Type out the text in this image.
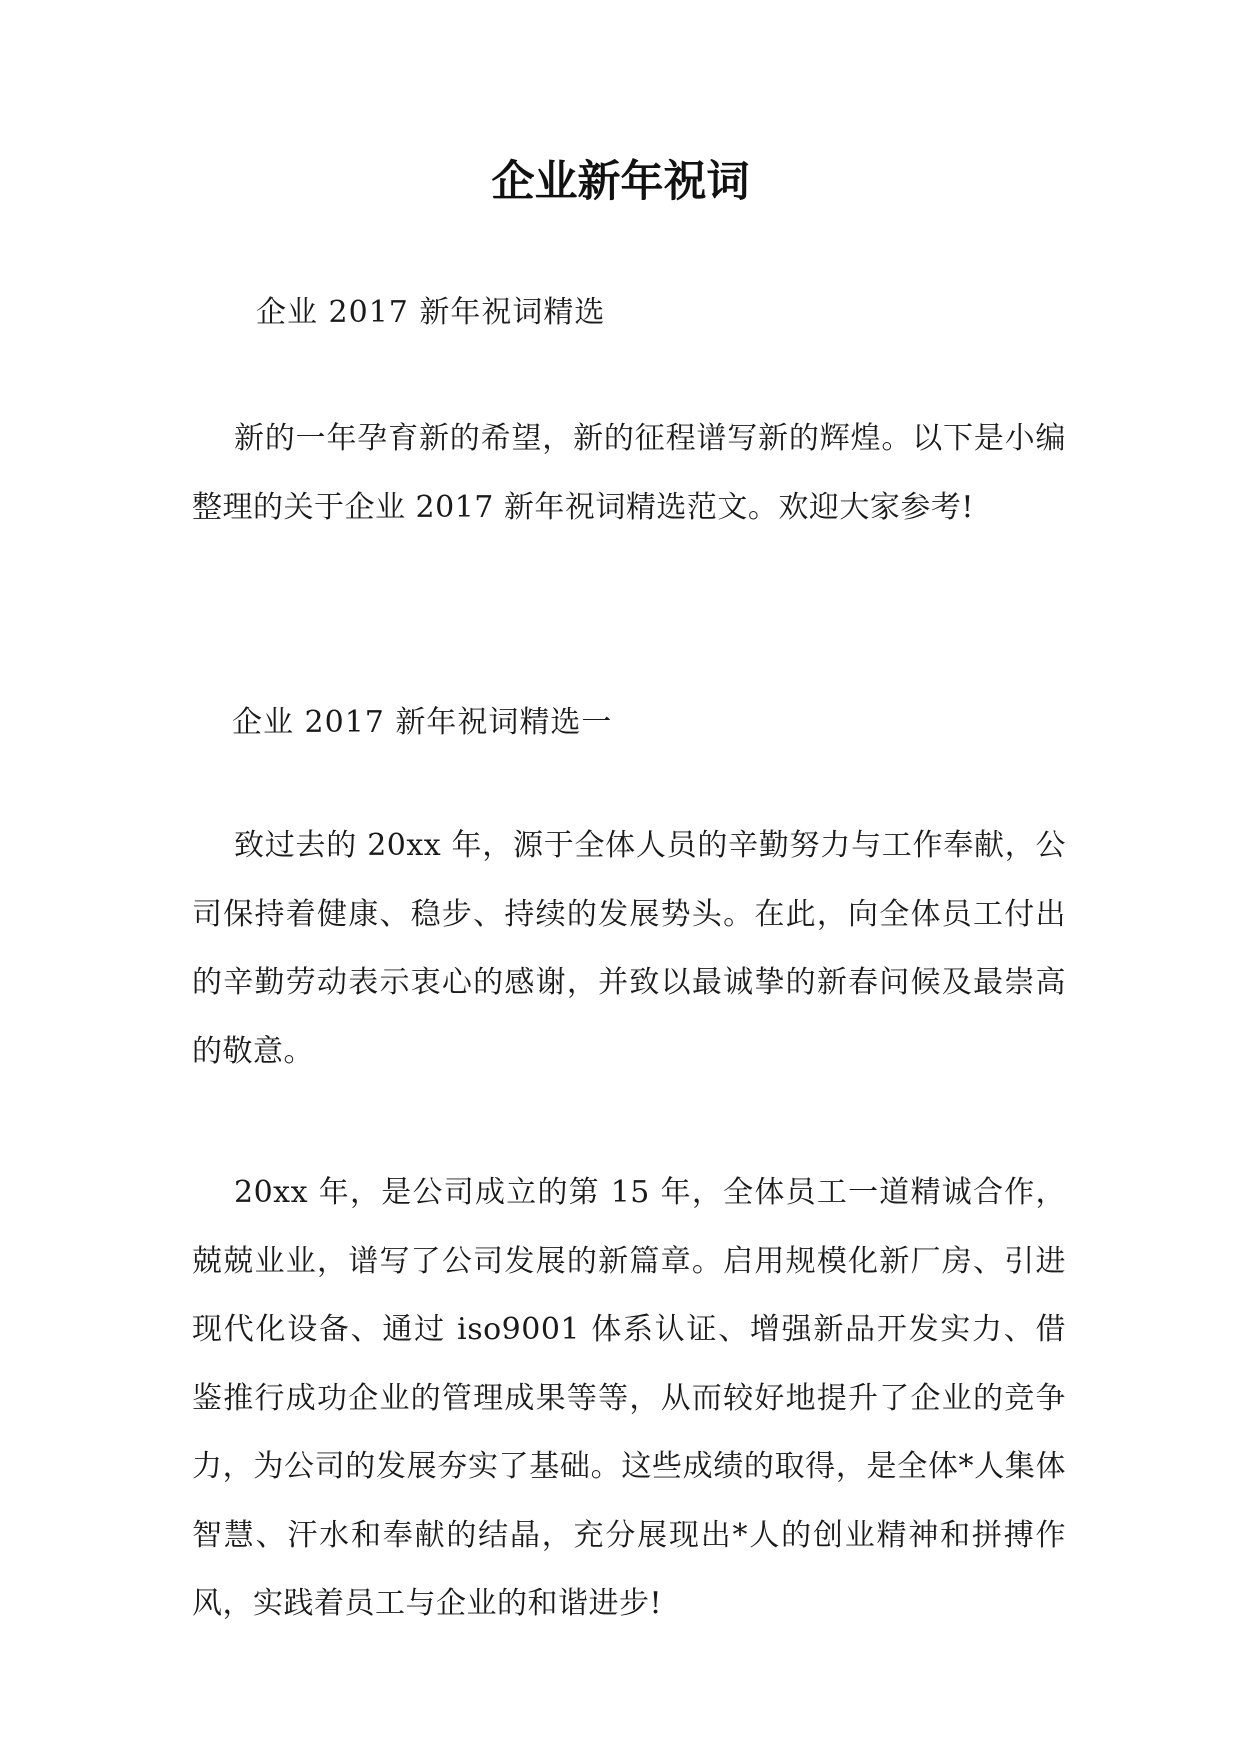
企业新年祝词

企业 2017 新年祝词精选

新的一年孕育新的希望，新的征程谱写新的辉煌。以下是小编整理的关于企业 2017 新年祝词精选范文。欢迎大家参考!

企业 2017 新年祝词精选一

致过去的 20xx 年，源于全体人员的辛勤努力与工作奉献，公司保持着健康、稳步、持续的发展势头。在此，向全体员工付出的辛勤劳动表示衷心的感谢，并致以最诚挚的新春问候及最崇高的敬意。

20xx 年，是公司成立的第 15 年，全体员工一道精诚合作，兢兢业业，谱写了公司发展的新篇章。启用规模化新厂房、引进现代化设备、通过 iso9001 体系认证、增强新品开发实力、借鉴推行成功企业的管理成果等等，从而较好地提升了企业的竞争力，为公司的发展夯实了基础。这些成绩的取得，是全体*人集体智慧、汗水和奉献的结晶，充分展现出*人的创业精神和拼搏作风，实践着员工与企业的和谐进步!
